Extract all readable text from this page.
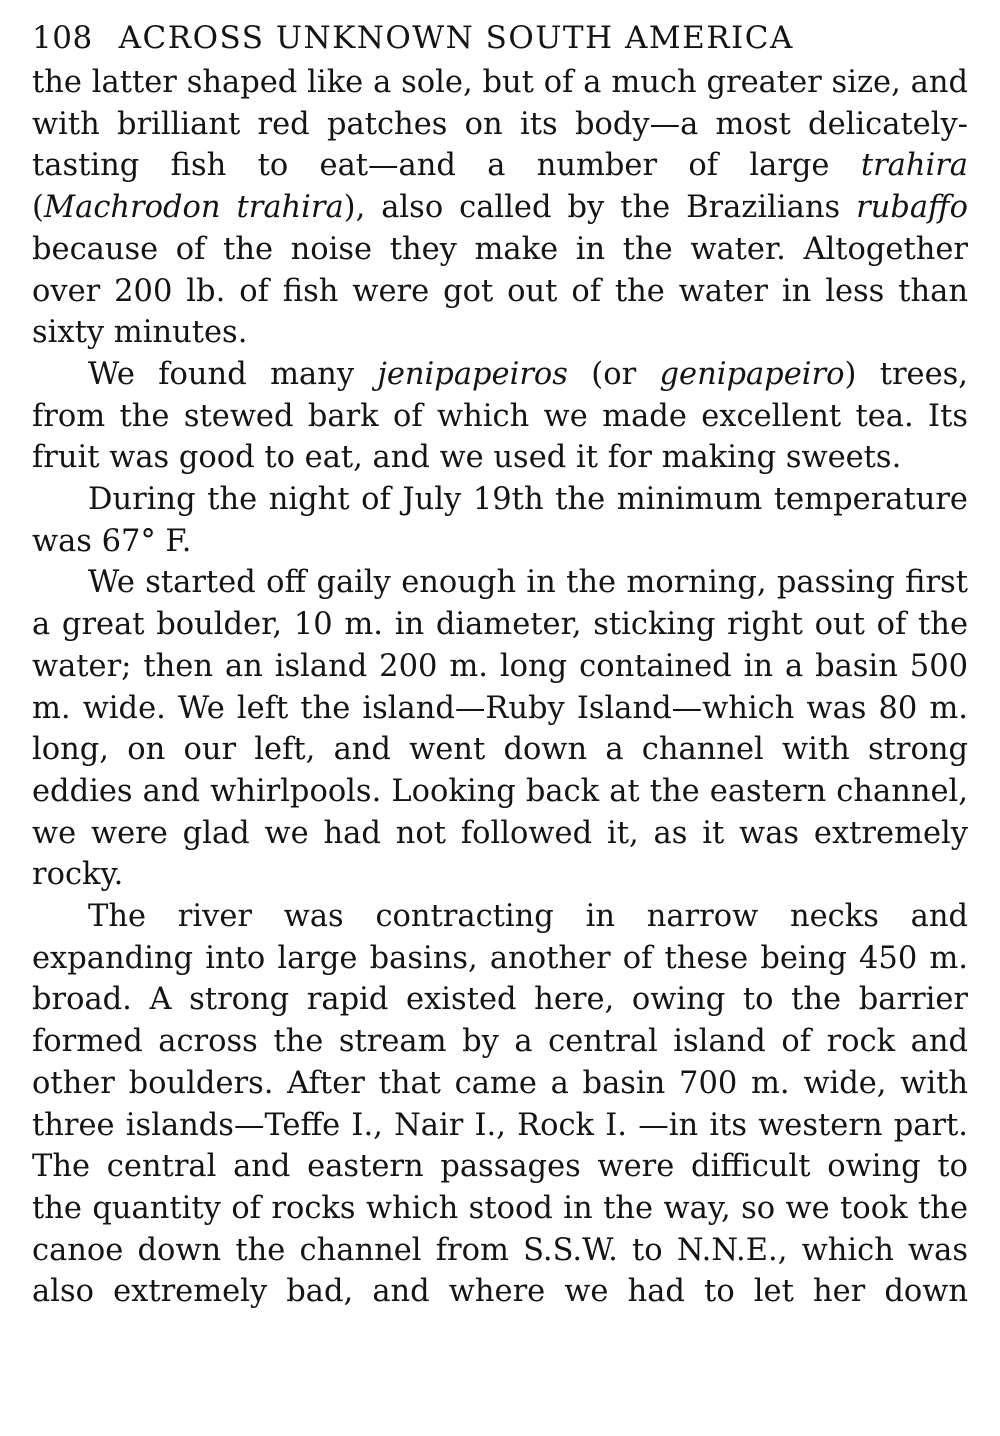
108 ACROSS UNKNOWN SOUTH AMERICA

the latter shaped like a sole, but of a much greater size, and with brilliant red patches on its body—a most delicately-tasting fish to eat—and a number of large trahira (Machrodon trahira), also called by the Brazilians rubaffo because of the noise they make in the water. Altogether over 200 lb. of fish were got out of the water in less than sixty minutes.

We found many jenipapeiros (or genipapeiro) trees, from the stewed bark of which we made excellent tea. Its fruit was good to eat, and we used it for making sweets.

During the night of July 19th the minimum temperature was 67° F.

We started off gaily enough in the morning, passing first a great boulder, 10 m. in diameter, sticking right out of the water; then an island 200 m. long contained in a basin 500 m. wide. We left the island—Ruby Island—which was 80 m. long, on our left, and went down a channel with strong eddies and whirlpools. Looking back at the eastern channel, we were glad we had not followed it, as it was extremely rocky.

The river was contracting in narrow necks and expanding into large basins, another of these being 450 m. broad. A strong rapid existed here, owing to the barrier formed across the stream by a central island of rock and other boulders. After that came a basin 700 m. wide, with three islands—Teffe I., Nair I., Rock I. —in its western part. The central and eastern passages were difficult owing to the quantity of rocks which stood in the way, so we took the canoe down the channel from S.S.W. to N.N.E., which was also extremely bad, and where we had to let her down
